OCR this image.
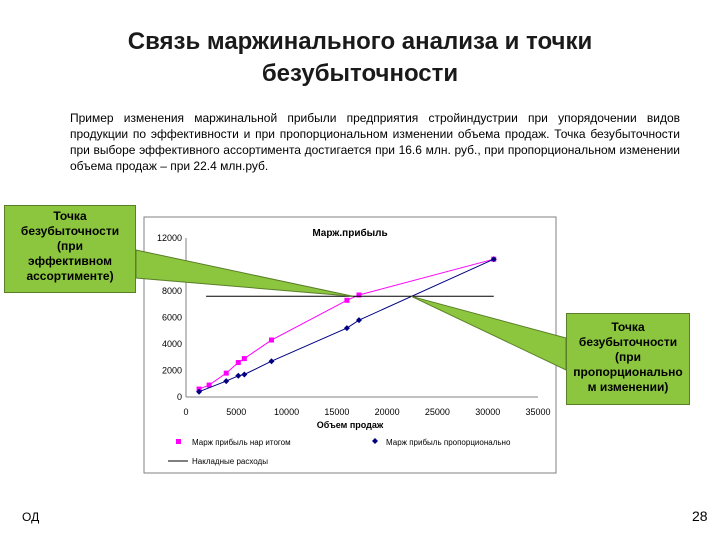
Связь маржинального анализа и точки
безубыточности
Пример изменения маржинальной прибыли предприятия стройиндустрии при упорядочении видов продукции по эффективности и при пропорциональном изменении объема продаж. Точка безубыточности при выборе эффективного ассортимента достигается при 16.6 млн. руб., при пропорциональном изменении объема продаж – при 22.4 млн.руб.
Марж.прибыль
0	5000	10000	15000	20000	25000	30000	35000
0
2000
4000
6000
8000
12000
Объем продаж
Марж прибыль нар итогом	Марж прибыль пропорционально
Накладные расходы
Точка
безубыточности
(при
эффективном
ассортименте)
Точка
безубыточности
(при
пропорционально
м изменении)
ОД	28
